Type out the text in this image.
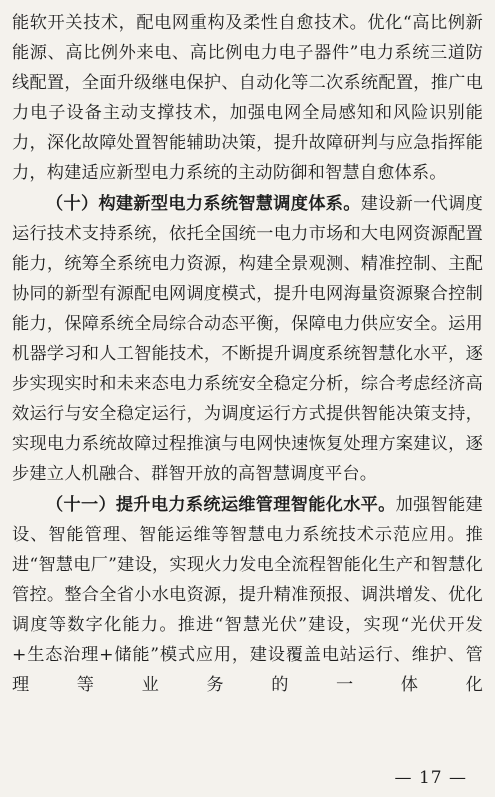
能软开关技术，配电网重构及柔性自愈技术。优化“高比例新能源、高比例外来电、高比例电力电子器件”电力系统三道防线配置，全面升级继电保护、自动化等二次系统配置，推广电力电子设备主动支撑技术，加强电网全局感知和风险识别能力，深化故障处置智能辅助决策，提升故障研判与应急指挥能力，构建适应新型电力系统的主动防御和智慧自愈体系。

（十）构建新型电力系统智慧调度体系。建设新一代调度运行技术支持系统，依托全国统一电力市场和大电网资源配置能力，统筹全系统电力资源，构建全景观测、精准控制、主配协同的新型有源配电网调度模式，提升电网海量资源聚合控制能力，保障系统全局综合动态平衡，保障电力供应安全。运用机器学习和人工智能技术，不断提升调度系统智慧化水平，逐步实现实时和未来态电力系统安全稳定分析，综合考虑经济高效运行与安全稳定运行，为调度运行方式提供智能决策支持，实现电力系统故障过程推演与电网快速恢复处理方案建议，逐步建立人机融合、群智开放的高智慧调度平台。

（十一）提升电力系统运维管理智能化水平。加强智能建设、智能管理、智能运维等智慧电力系统技术示范应用。推进“智慧电厂”建设，实现火力发电全流程智能化生产和智慧化管控。整合全省小水电资源，提升精准预报、调洪增发、优化调度等数字化能力。推进“智慧光伏”建设，实现“光伏开发+生态治理+储能”模式应用，建设覆盖电站运行、维护、管理等业务的一体化

— 17 —
